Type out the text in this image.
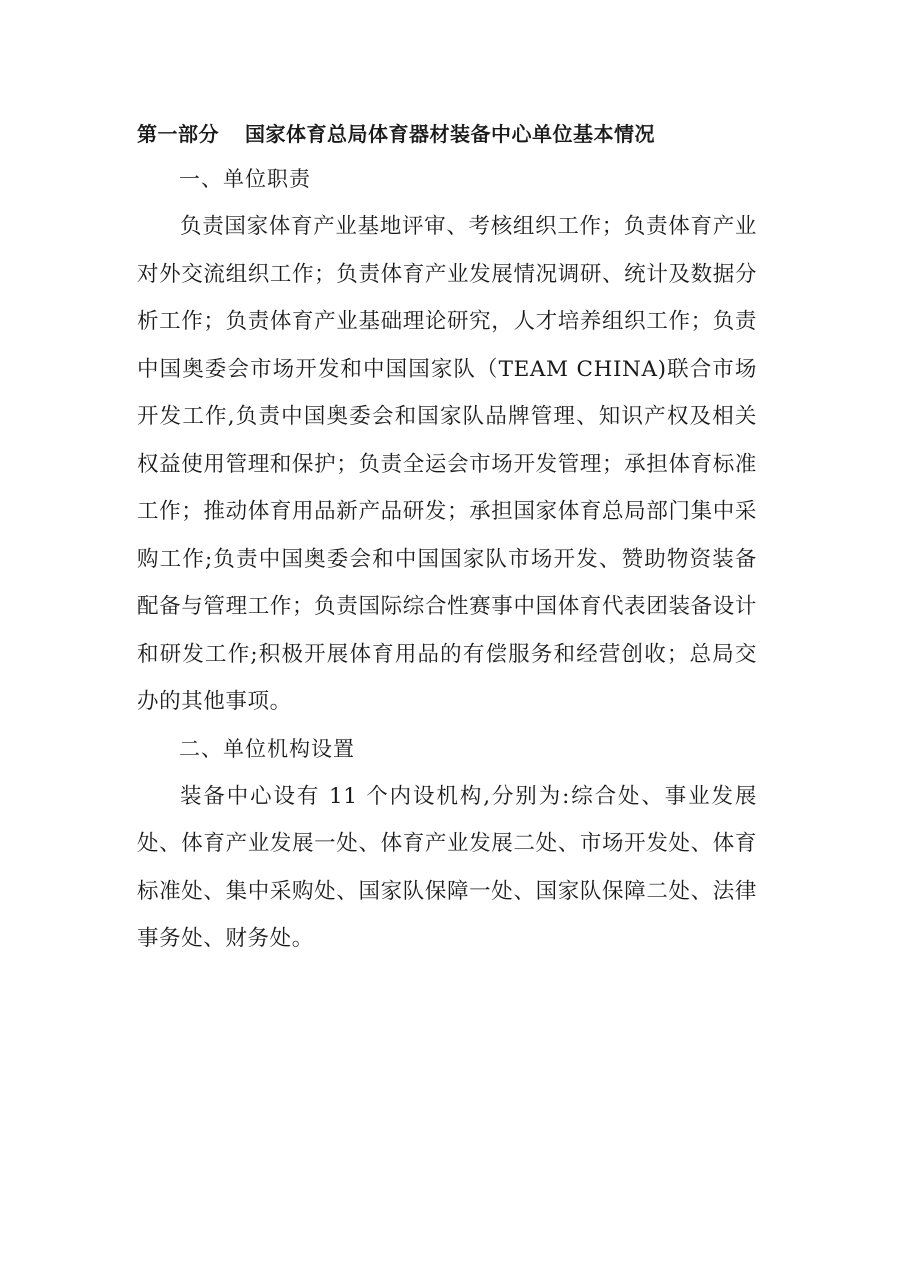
第一部分 国家体育总局体育器材装备中心单位基本情况
一、单位职责

负责国家体育产业基地评审、考核组织工作；负责体育产业对外交流组织工作；负责体育产业发展情况调研、统计及数据分析工作；负责体育产业基础理论研究，人才培养组织工作；负责中国奥委会市场开发和中国国家队（TEAM CHINA)联合市场开发工作,负责中国奥委会和国家队品牌管理、知识产权及相关权益使用管理和保护；负责全运会市场开发管理；承担体育标准工作；推动体育用品新产品研发；承担国家体育总局部门集中采购工作;负责中国奥委会和中国国家队市场开发、赞助物资装备配备与管理工作；负责国际综合性赛事中国体育代表团装备设计和研发工作;积极开展体育用品的有偿服务和经营创收；总局交办的其他事项。

二、单位机构设置

装备中心设有 11 个内设机构,分别为:综合处、事业发展处、体育产业发展一处、体育产业发展二处、市场开发处、体育标准处、集中采购处、国家队保障一处、国家队保障二处、法律事务处、财务处。
